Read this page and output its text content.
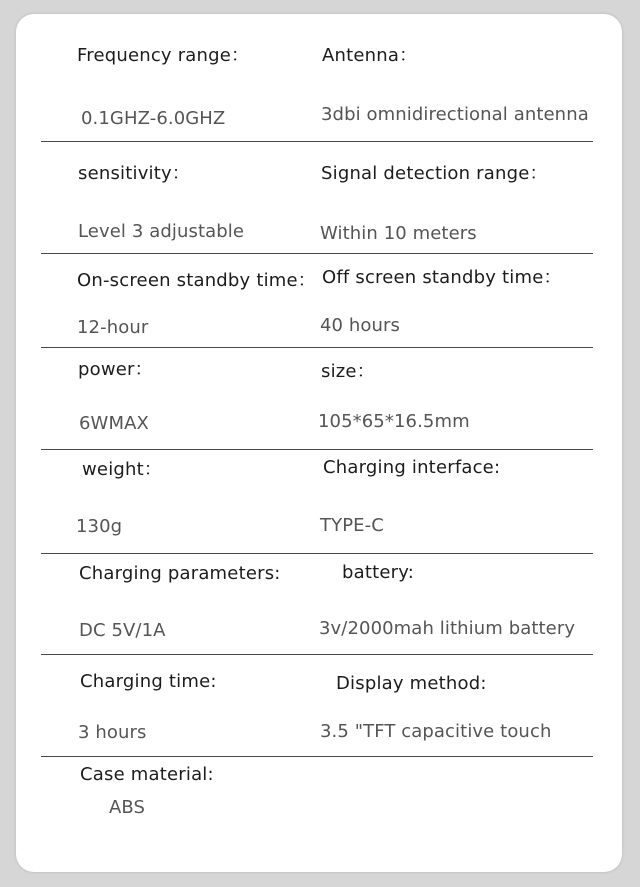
Frequency range：
0.1GHZ-6.0GHZ
Antenna：
3dbi omnidirectional antenna
sensitivity：
Level 3 adjustable
Signal detection range：
Within 10 meters
On-screen standby time：
12-hour
Off screen standby time：
40 hours
power：
6WMAX
size：
105*65*16.5mm
weight：
130g
Charging interface:
TYPE-C
Charging parameters:
DC 5V/1A
battery:
3v/2000mah lithium battery
Charging time:
3 hours
Display method:
3.5 "TFT capacitive touch
Case material:
ABS
